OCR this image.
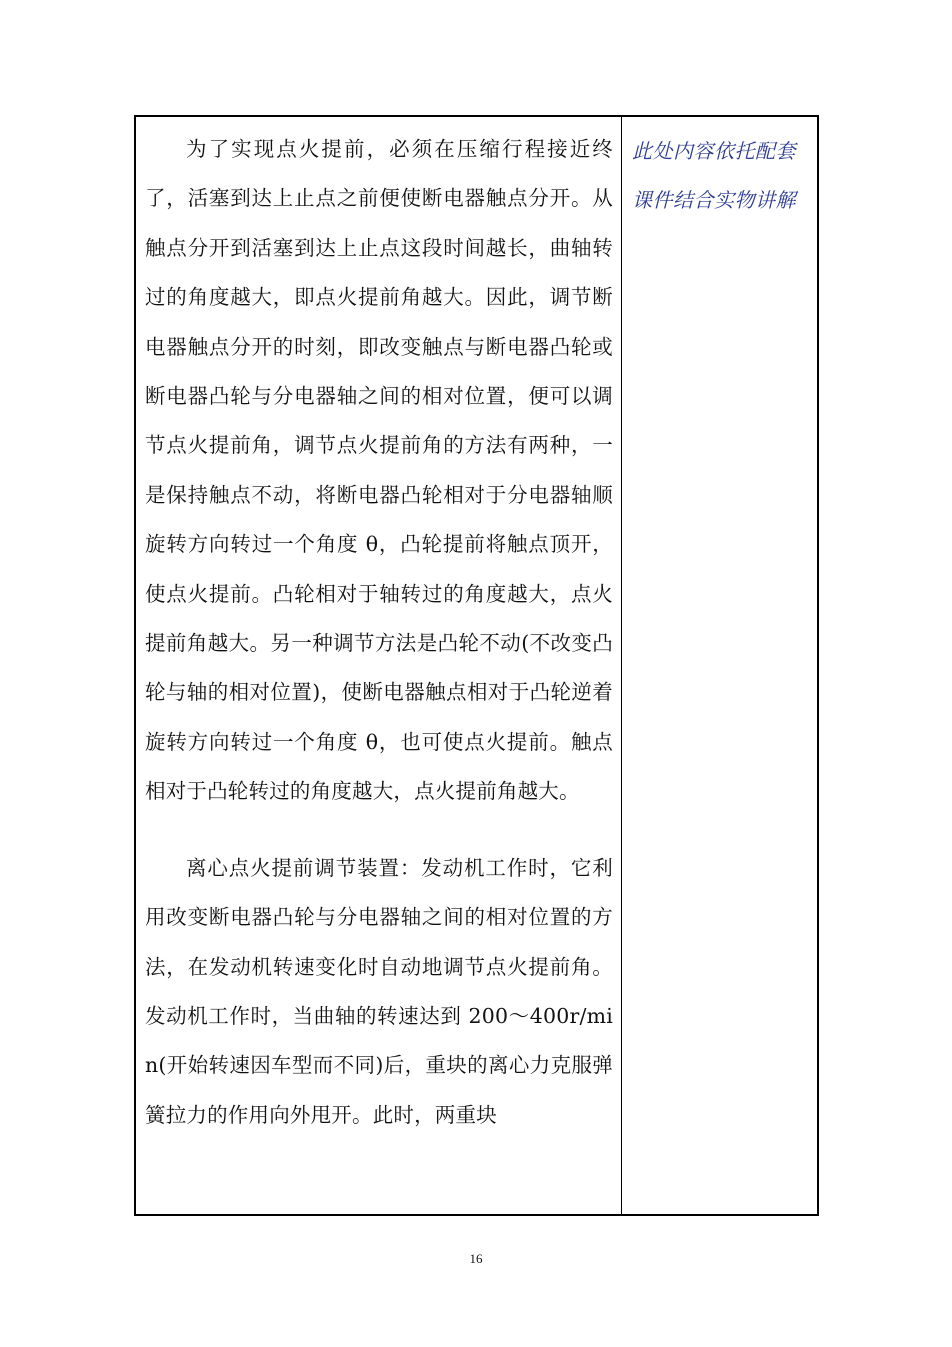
为了实现点火提前，必须在压缩行程接近终了，活塞到达上止点之前便使断电器触点分开。从触点分开到活塞到达上止点这段时间越长，曲轴转过的角度越大，即点火提前角越大。因此，调节断电器触点分开的时刻，即改变触点与断电器凸轮或断电器凸轮与分电器轴之间的相对位置，便可以调节点火提前角，调节点火提前角的方法有两种，一是保持触点不动，将断电器凸轮相对于分电器轴顺旋转方向转过一个角度 θ，凸轮提前将触点顶开，使点火提前。凸轮相对于轴转过的角度越大，点火提前角越大。另一种调节方法是凸轮不动(不改变凸轮与轴的相对位置)，使断电器触点相对于凸轮逆着旋转方向转过一个角度 θ，也可使点火提前。触点相对于凸轮转过的角度越大，点火提前角越大。

离心点火提前调节装置：发动机工作时，它利用改变断电器凸轮与分电器轴之间的相对位置的方法，在发动机转速变化时自动地调节点火提前角。 发动机工作时，当曲轴的转速达到 200～400r/min(开始转速因车型而不同)后，重块的离心力克服弹簧拉力的作用向外甩开。此时，两重块

此处内容依托配套

课件结合实物讲解

16
